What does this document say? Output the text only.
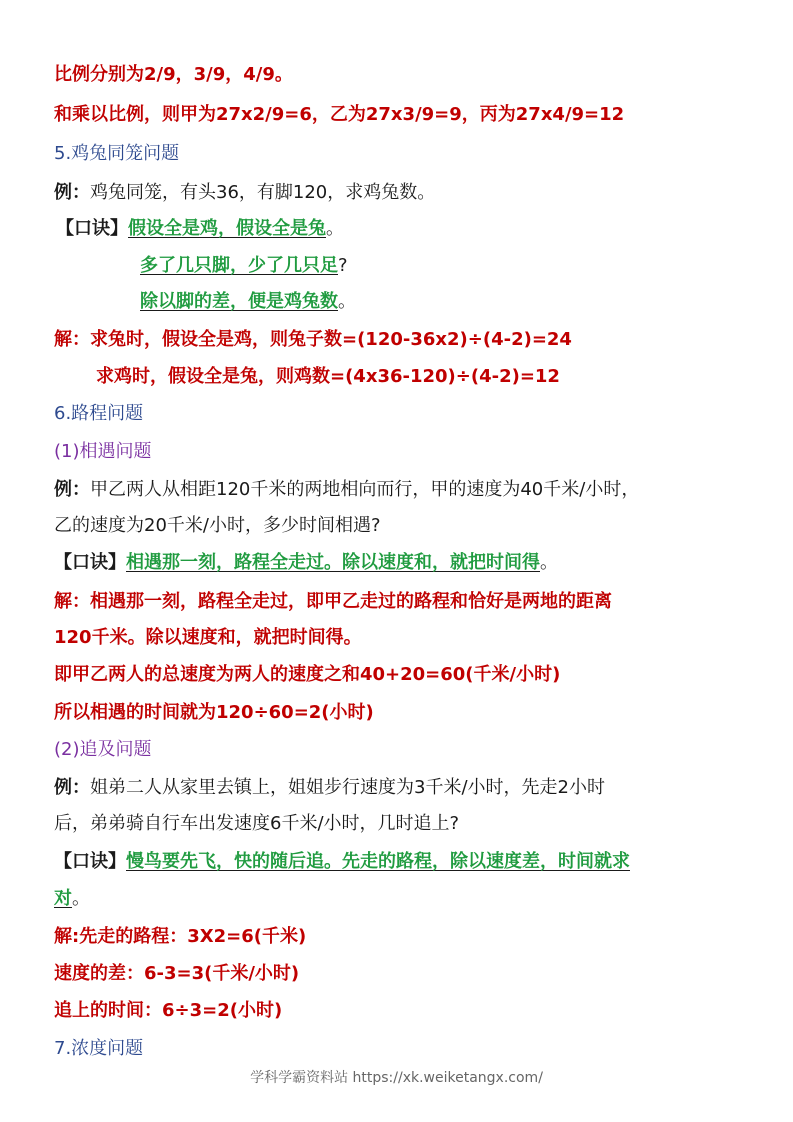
比例分别为2/9，3/9，4/9。
和乘以比例，则甲为27x2/9=6，乙为27x3/9=9，丙为27x4/9=12
5.鸡兔同笼问题
例：鸡兔同笼，有头36，有脚120，求鸡兔数。
【口诀】假设全是鸡，假设全是兔。
多了几只脚，少了几只足?
除以脚的差，便是鸡兔数。
解：求兔时，假设全是鸡，则兔子数=(120-36x2)÷(4-2)=24
求鸡时，假设全是兔，则鸡数=(4x36-120)÷(4-2)=12
6.路程问题
(1)相遇问题
例：甲乙两人从相距120千米的两地相向而行，甲的速度为40千米/小时，
乙的速度为20千米/小时，多少时间相遇?
【口诀】相遇那一刻，路程全走过。除以速度和，就把时间得。
解：相遇那一刻，路程全走过，即甲乙走过的路程和恰好是两地的距离
120千米。除以速度和，就把时间得。
即甲乙两人的总速度为两人的速度之和40+20=60(千米/小时)
所以相遇的时间就为120÷60=2(小时)
(2)追及问题
例：姐弟二人从家里去镇上，姐姐步行速度为3千米/小时，先走2小时
后，弟弟骑自行车出发速度6千米/小时，几时追上?
【口诀】慢鸟要先飞，快的随后追。先走的路程，除以速度差，时间就求
对。
解:先走的路程：3X2=6(千米)
速度的差：6-3=3(千米/小时)
追上的时间：6÷3=2(小时)
7.浓度问题
学科学霸资料站 https://xk.weiketangx.com/
